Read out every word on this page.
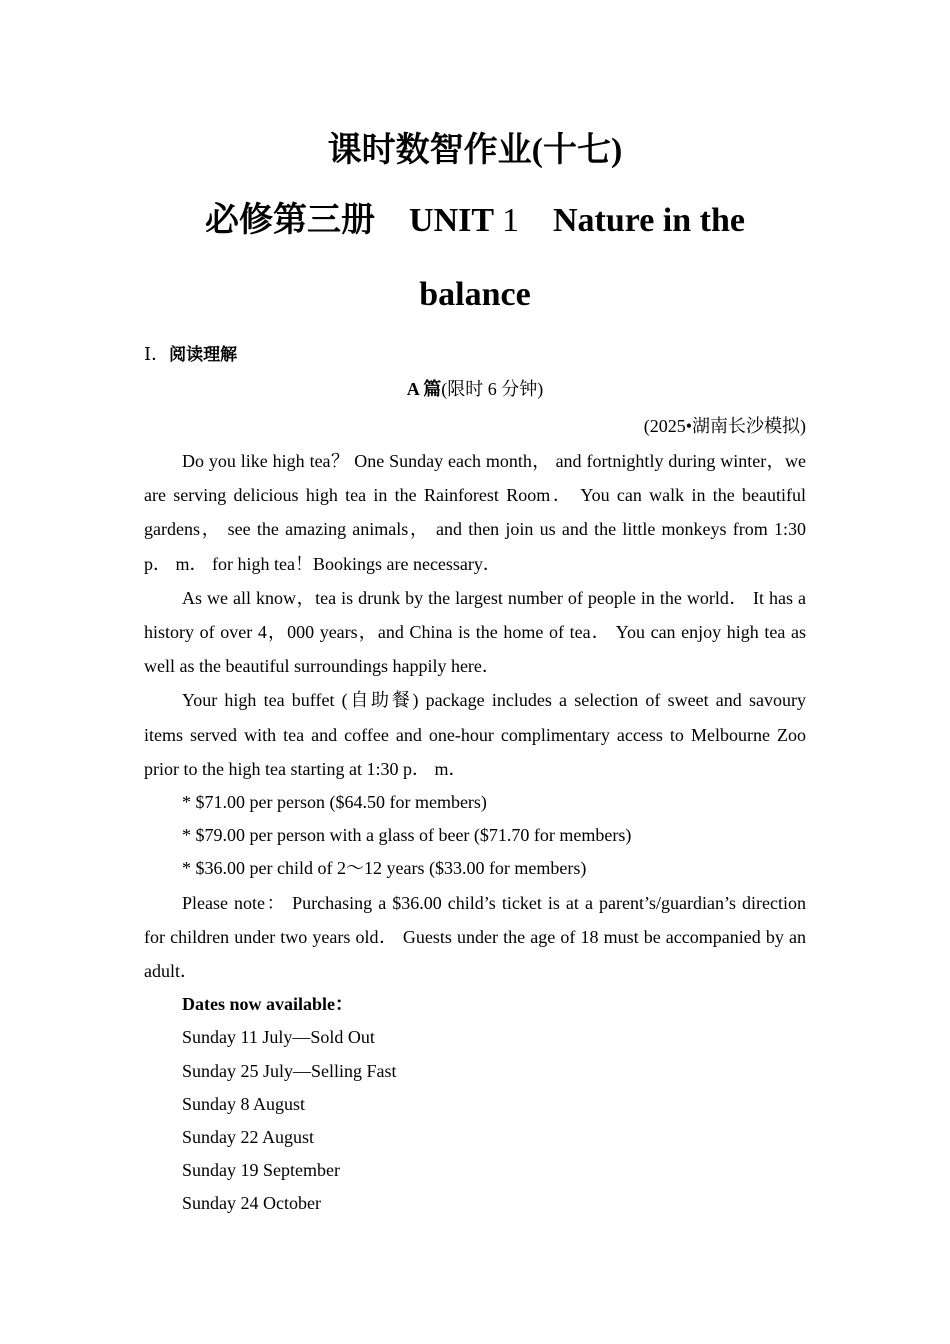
课时数智作业(十七)
必修第三册 UNIT 1 Nature in the
balance
Ⅰ．阅读理解
A 篇(限时 6 分钟)
(2025•湖南长沙模拟)

Do you like high tea？ One Sunday each month， and fortnightly during winter，we are serving delicious high tea in the Rainforest Room． You can walk in the beautiful gardens， see the amazing animals， and then join us and the little monkeys from 1:30 p． m． for high tea！Bookings are necessary．

As we all know，tea is drunk by the largest number of people in the world． It has a history of over 4，000 years，and China is the home of tea． You can enjoy high tea as well as the beautiful surroundings happily here．

Your high tea buffet (自助餐) package includes a selection of sweet and savoury items served with tea and coffee and one-hour complimentary access to Melbourne Zoo prior to the high tea starting at 1:30 p． m．

* $71.00 per person ($64.50 for members)
* $79.00 per person with a glass of beer ($71.70 for members)
* $36.00 per child of 2～12 years ($33.00 for members)

Please note： Purchasing a $36.00 child’s ticket is at a parent’s/guardian’s direction for children under two years old． Guests under the age of 18 must be accompanied by an adult．

Dates now available：
Sunday 11 July—Sold Out
Sunday 25 July—Selling Fast
Sunday 8 August
Sunday 22 August
Sunday 19 September
Sunday 24 October
